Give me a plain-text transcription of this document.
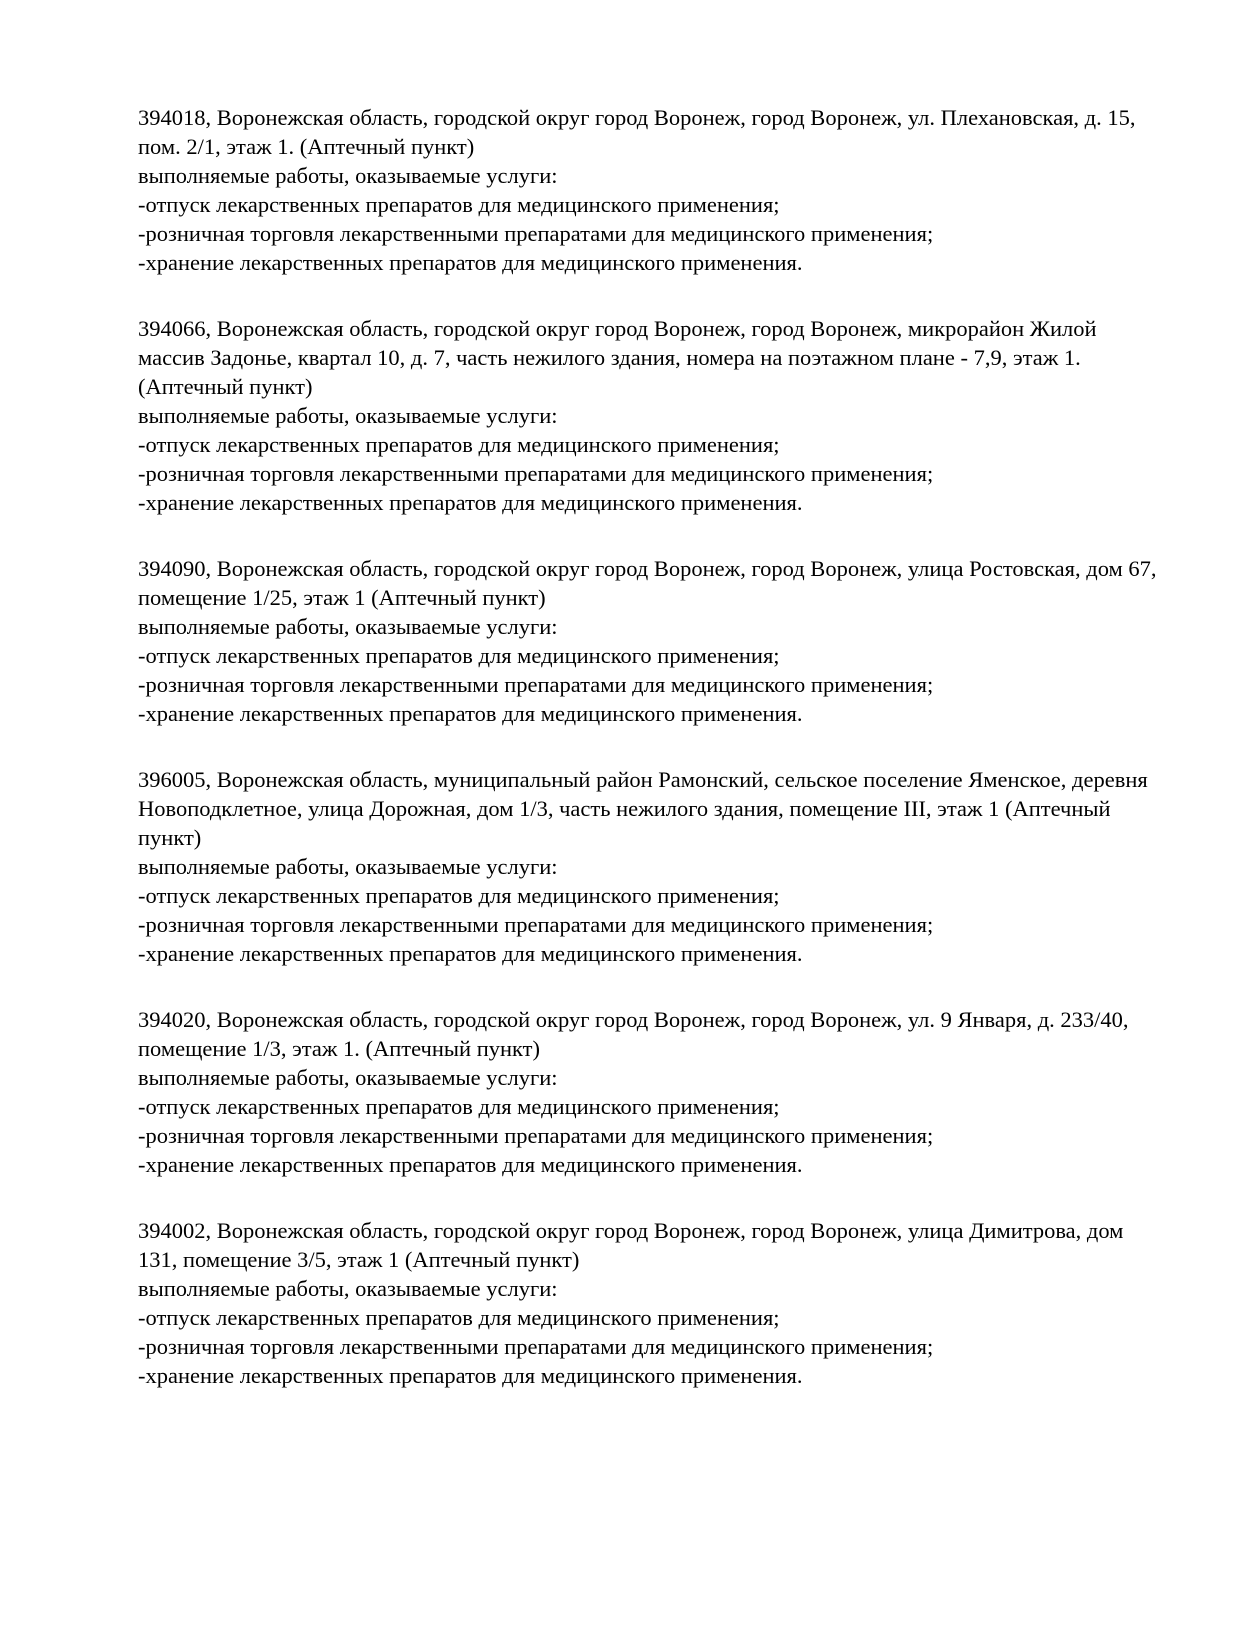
394018, Воронежская область, городской округ город Воронеж, город Воронеж, ул. Плехановская, д. 15, пом. 2/1, этаж 1. (Аптечный пункт)

выполняемые работы, оказываемые услуги:

-отпуск лекарственных препаратов для медицинского применения;

-розничная торговля лекарственными препаратами для медицинского применения;

-хранение лекарственных препаратов для медицинского применения.

394066, Воронежская область, городской округ город Воронеж, город Воронеж, микрорайон Жилой массив Задонье, квартал 10, д. 7, часть нежилого здания, номера на поэтажном плане - 7,9, этаж 1. (Аптечный пункт)

выполняемые работы, оказываемые услуги:

-отпуск лекарственных препаратов для медицинского применения;

-розничная торговля лекарственными препаратами для медицинского применения;

-хранение лекарственных препаратов для медицинского применения.

394090, Воронежская область, городской округ город Воронеж, город Воронеж, улица Ростовская, дом 67, помещение 1/25, этаж 1 (Аптечный пункт)

выполняемые работы, оказываемые услуги:

-отпуск лекарственных препаратов для медицинского применения;

-розничная торговля лекарственными препаратами для медицинского применения;

-хранение лекарственных препаратов для медицинского применения.

396005, Воронежская область, муниципальный район Рамонский, сельское поселение Яменское, деревня Новоподклетное, улица Дорожная, дом 1/3, часть нежилого здания, помещение III, этаж 1 (Аптечный пункт)

выполняемые работы, оказываемые услуги:

-отпуск лекарственных препаратов для медицинского применения;

-розничная торговля лекарственными препаратами для медицинского применения;

-хранение лекарственных препаратов для медицинского применения.

394020, Воронежская область, городской округ город Воронеж, город Воронеж, ул. 9 Января, д. 233/40, помещение 1/3, этаж 1. (Аптечный пункт)

выполняемые работы, оказываемые услуги:

-отпуск лекарственных препаратов для медицинского применения;

-розничная торговля лекарственными препаратами для медицинского применения;

-хранение лекарственных препаратов для медицинского применения.

394002, Воронежская область, городской округ город Воронеж, город Воронеж, улица Димитрова, дом 131, помещение 3/5, этаж 1 (Аптечный пункт)

выполняемые работы, оказываемые услуги:

-отпуск лекарственных препаратов для медицинского применения;

-розничная торговля лекарственными препаратами для медицинского применения;

-хранение лекарственных препаратов для медицинского применения.
